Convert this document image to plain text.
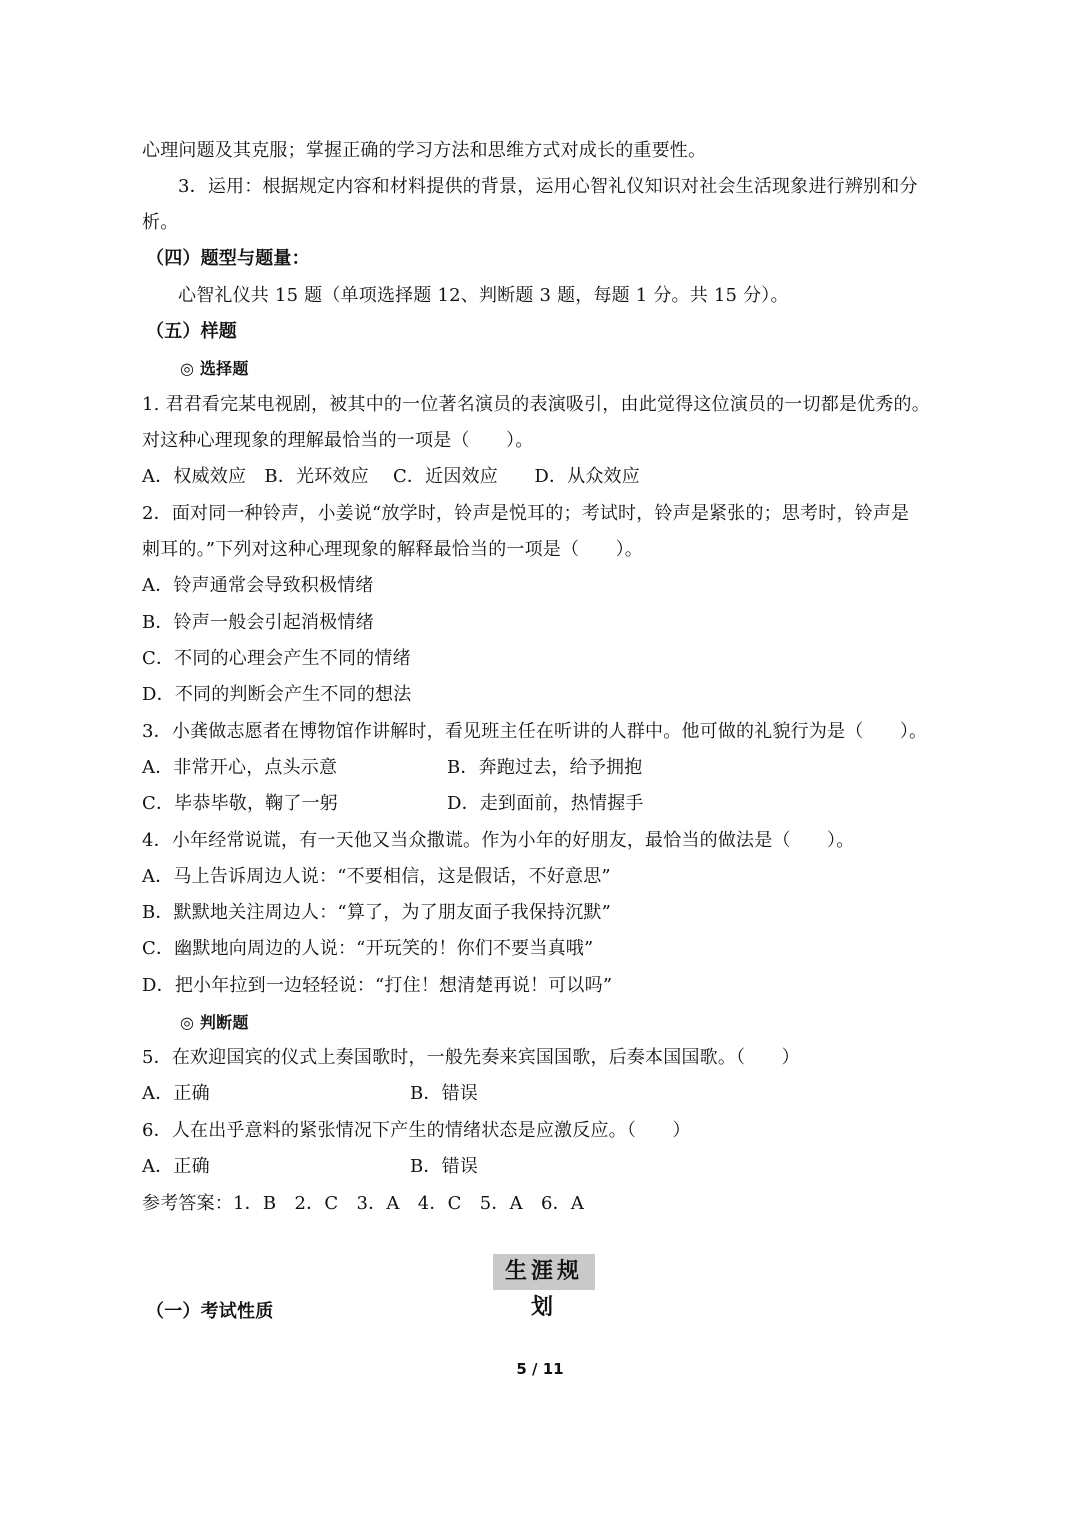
心理问题及其克服；掌握正确的学习方法和思维方式对成长的重要性。
3．运用：根据规定内容和材料提供的背景，运用心智礼仪知识对社会生活现象进行辨别和分
析。
（四）题型与题量：
心智礼仪共 15 题（单项选择题 12、判断题 3 题，每题 1 分。共 15 分）。
（五）样题
◎ 选择题
1. 君君看完某电视剧，被其中的一位著名演员的表演吸引，由此觉得这位演员的一切都是优秀的。
对这种心理现象的理解最恰当的一项是（　　）。
A．权威效应　B．光环效应　 C．近因效应　　D．从众效应
2．面对同一种铃声，小姜说“放学时，铃声是悦耳的；考试时，铃声是紧张的；思考时，铃声是
刺耳的。”下列对这种心理现象的解释最恰当的一项是（　　）。
A．铃声通常会导致积极情绪
B．铃声一般会引起消极情绪
C．不同的心理会产生不同的情绪
D．不同的判断会产生不同的想法
3．小龚做志愿者在博物馆作讲解时，看见班主任在听讲的人群中。他可做的礼貌行为是（　　）。
A．非常开心，点头示意	B．奔跑过去，给予拥抱
C．毕恭毕敬，鞠了一躬	D．走到面前，热情握手
4．小年经常说谎，有一天他又当众撒谎。作为小年的好朋友，最恰当的做法是（　　）。
A．马上告诉周边人说：“不要相信，这是假话，不好意思”
B．默默地关注周边人：“算了，为了朋友面子我保持沉默”
C．幽默地向周边的人说：“开玩笑的！你们不要当真哦”
D．把小年拉到一边轻轻说：“打住！想清楚再说！可以吗”
◎ 判断题
5．在欢迎国宾的仪式上奏国歌时，一般先奏来宾国国歌，后奏本国国歌。（　　）
A．正确	B．错误
6．人在出乎意料的紧张情况下产生的情绪状态是应激反应。（　　）
A．正确	B．错误
参考答案：1．B　2．C　3．A　4．C　5．A　6．A
生涯规划
（一）考试性质
5 / 11
